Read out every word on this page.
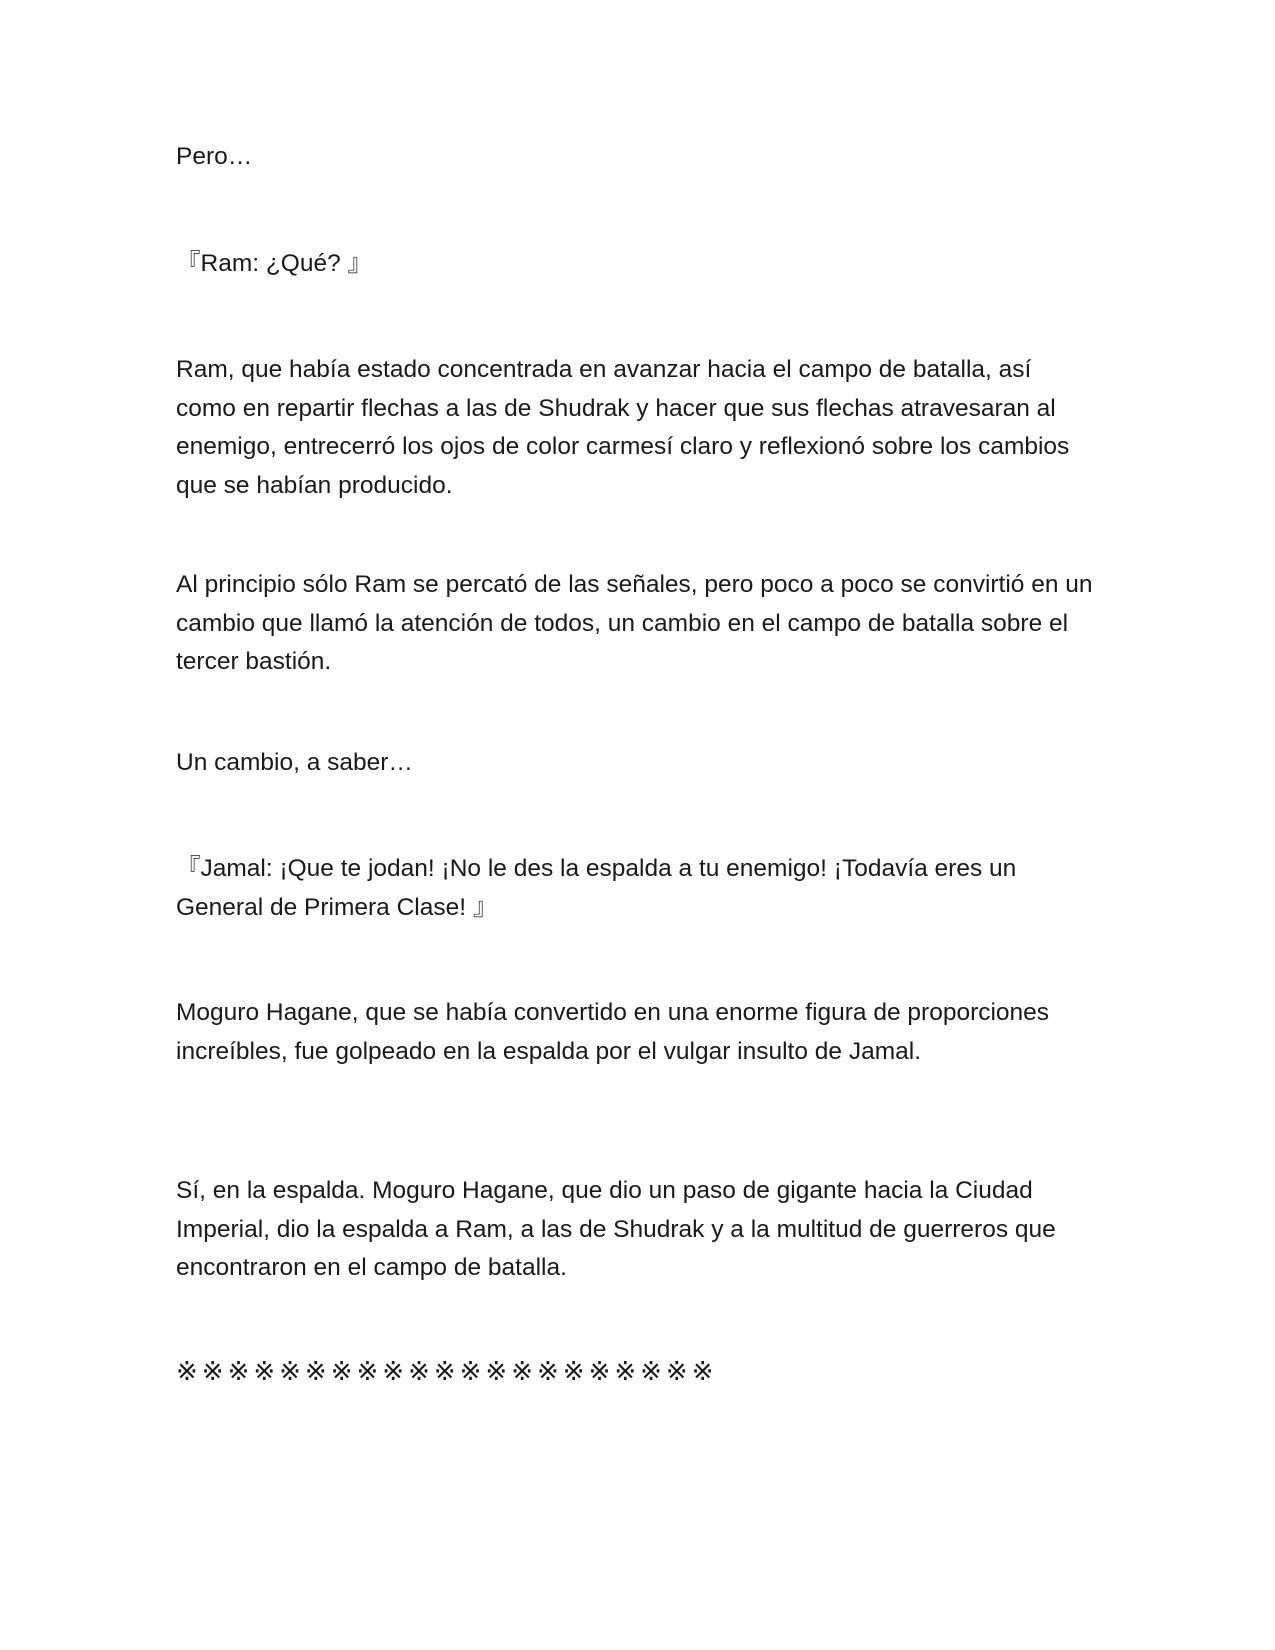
Pero…

『Ram: ¿Qué? 』

Ram, que había estado concentrada en avanzar hacia el campo de batalla, así como en repartir flechas a las de Shudrak y hacer que sus flechas atravesaran al enemigo, entrecerró los ojos de color carmesí claro y reflexionó sobre los cambios que se habían producido.

Al principio sólo Ram se percató de las señales, pero poco a poco se convirtió en un cambio que llamó la atención de todos, un cambio en el campo de batalla sobre el tercer bastión.

Un cambio, a saber…

『Jamal: ¡Que te jodan! ¡No le des la espalda a tu enemigo! ¡Todavía eres un General de Primera Clase! 』

Moguro Hagane, que se había convertido en una enorme figura de proporciones increíbles, fue golpeado en la espalda por el vulgar insulto de Jamal.

Sí, en la espalda. Moguro Hagane, que dio un paso de gigante hacia la Ciudad Imperial, dio la espalda a Ram, a las de Shudrak y a la multitud de guerreros que encontraron en el campo de batalla.

※※※※※※※※※※※※※※※※※※※※※
